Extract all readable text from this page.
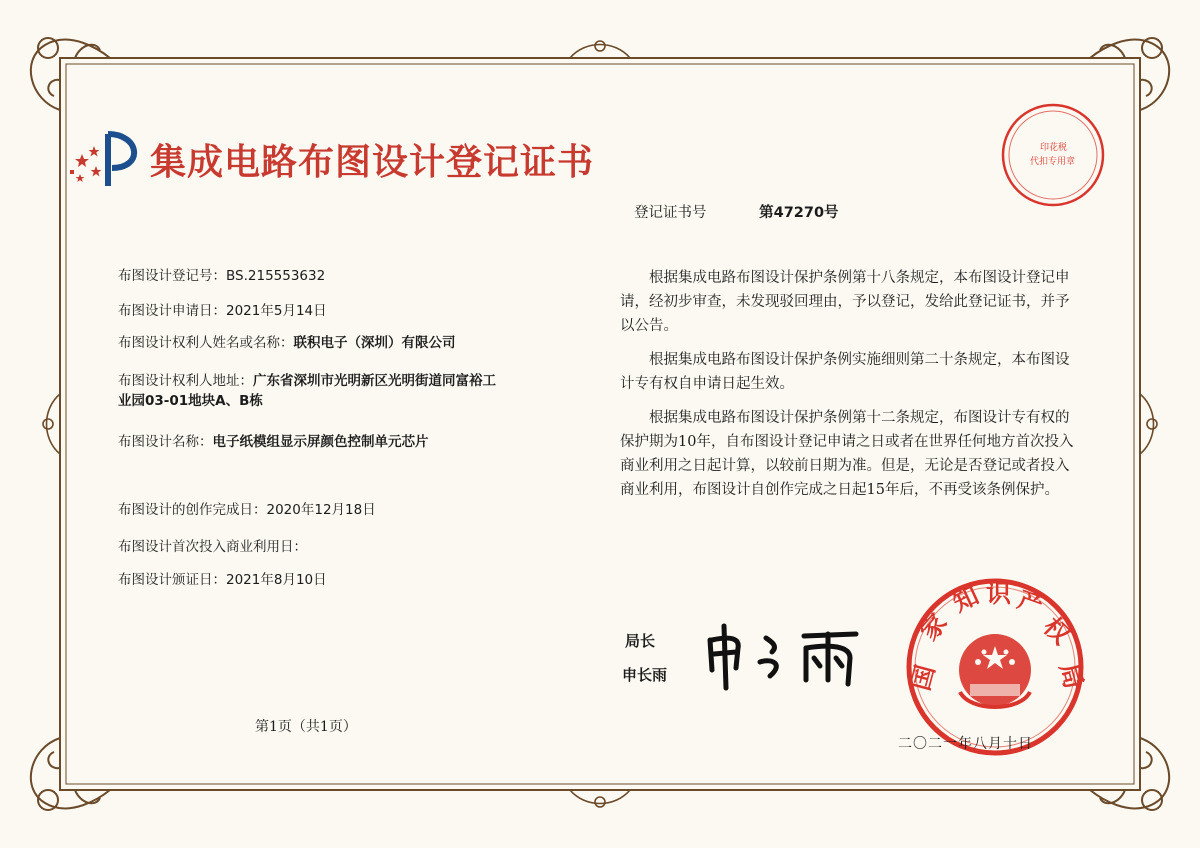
集成电路布图设计登记证书
登记证书号	第47270号
布图设计登记号：BS.215553632
布图设计申请日：2021年5月14日
布图设计权利人姓名或名称：联积电子（深圳）有限公司
布图设计权利人地址：广东省深圳市光明新区光明街道同富裕工业园03-01地块A、B栋
布图设计名称：电子纸模组显示屏颜色控制单元芯片
布图设计的创作完成日：2020年12月18日
布图设计首次投入商业利用日：
布图设计颁证日：2021年8月10日

根据集成电路布图设计保护条例第十八条规定，本布图设计登记申请，经初步审查，未发现驳回理由，予以登记，发给此登记证书，并予以公告。

根据集成电路布图设计保护条例实施细则第二十条规定，本布图设计专有权自申请日起生效。

根据集成电路布图设计保护条例第十二条规定，布图设计专有权的保护期为10年，自布图设计登记申请之日或者在世界任何地方首次投入商业利用之日起计算，以较前日期为准。但是，无论是否登记或者投入商业利用，布图设计自创作完成之日起15年后，不再受该条例保护。

第1页（共1页）
局长
申长雨	国
家
知 识 产
权
局
印花税
代扣专用章
二〇二一年八月十日
